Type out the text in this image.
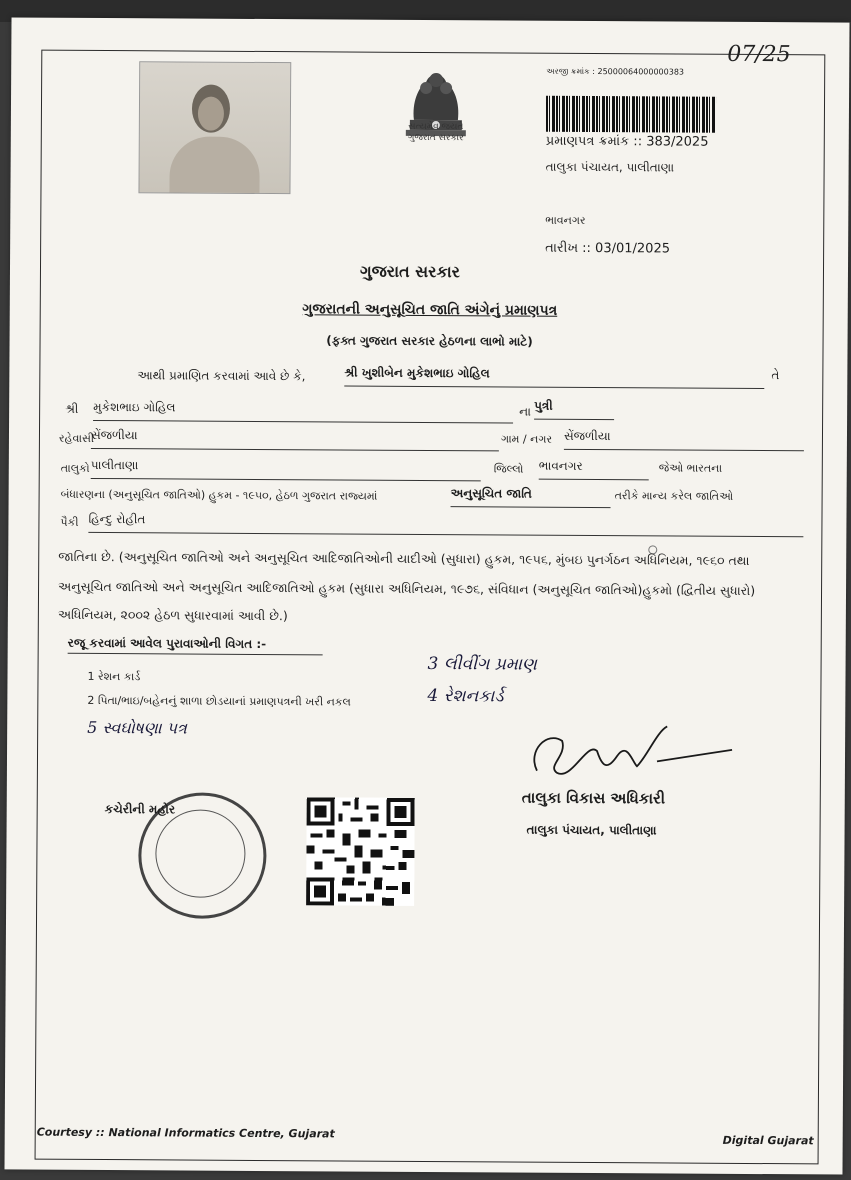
07/25
સત્યમેવ જયતે
ગુજરાત સરકાર
અરજી ક્રમાંક : 25000064000000383
પ્રમાણપત્ર ક્રમાંક :: 383/2025
તાલુકા પંચાયત, પાલીતાણા
ભાવનગર
તારીખ :: 03/01/2025
ગુજરાત સરકાર
ગુજરાતની અનુસૂચિત જાતિ અંગેનું પ્રમાણપત્ર
(ફક્ત ગુજરાત સરકાર હેઠળના લાભો માટે)
આથી પ્રમાણિત કરવામાં આવે છે કે,	શ્રી ખુશીબેન મુકેશભાઇ ગોહિલ	તે
શ્રી મુકેશભાઇ ગોહિલ	ના પુત્રી
રહેવાસી
સેંજળીયા	ગામ / નગર સેંજળીયા
તાલુકો પાલીતાણા	જિલ્લો ભાવનગર	જેઓ ભારતના
બંધારણના (અનુસૂચિત જાતિઓ) હુકમ - ૧૯૫૦, હેઠળ ગુજરાત રાજ્યમાં	અનુસૂચિત જાતિ	તરીકે માન્ય કરેલ જાતિઓ
પૈકી હિન્દુ રોહીત
જાતિના છે. (અનુસૂચિત જાતિઓ અને અનુસૂચિત આદિજાતિઓની યાદીઓ (સુધારા) હુકમ, ૧૯૫૬, મુંબઇ પુનર્ગઠન અધિનિયમ, ૧૯૬૦ તથા
અનુસૂચિત જાતિઓ અને અનુસૂચિત આદિજાતિઓ હુકમ (સુધારા અધિનિયમ, ૧૯૭૬, સંવિધાન (અનુસૂચિત જાતિઓ)હુકમો (દ્વિતીય સુધારો)
અધિનિયમ, ૨૦૦૨ હેઠળ સુધારવામાં આવી છે.)
રજૂ કરવામાં આવેલ પુરાવાઓની વિગત :-
1 રેશન કાર્ડ
2 પિતા/ભાઇ/બહેનનું શાળા છોડયાનાં પ્રમાણપત્રની ખરી નકલ
3 લીવીંગ પ્રમાણ
4 રેશનકાર્ડ
5 સ્વઘોષણા પત્ર
તાલુકા વિકાસ અધિકારી
તાલુકા પંચાયત, પાલીતાણા
કચેરીની મહોર
Courtesy :: National Informatics Centre, Gujarat
Digital Gujarat
